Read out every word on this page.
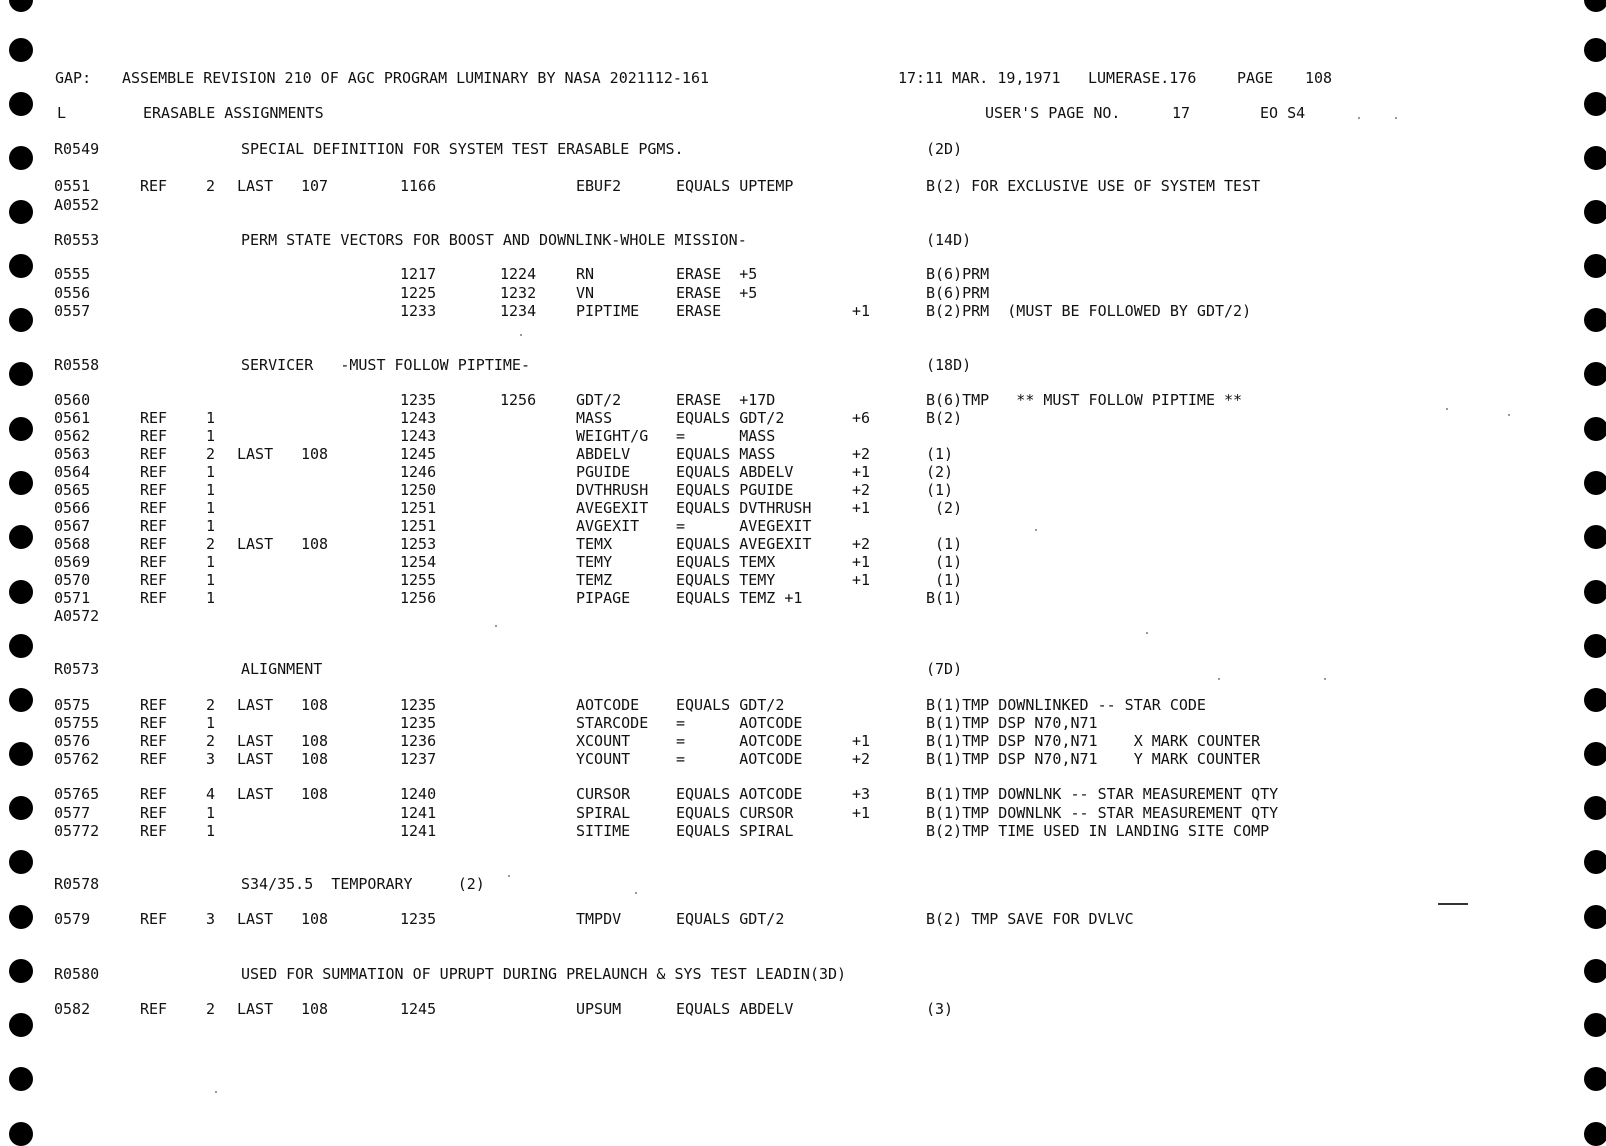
GAP:

ASSEMBLE REVISION 210 OF AGC PROGRAM LUMINARY BY NASA 2021112-161

	17:11 MAR. 19,1971

LUMERASE.176

	PAGE

108

L

	ERASABLE ASSIGNMENTS

	USER'S PAGE NO.

	17

	EO S4

R0549	SPECIAL DEFINITION FOR SYSTEM TEST ERASABLE PGMS.	(2D)
0551	REF	2 LAST 107	1166	EBUF2	EQUALS UPTEMP	B(2) FOR EXCLUSIVE USE OF SYSTEM TEST
A0552
R0553	PERM STATE VECTORS FOR BOOST AND DOWNLINK-WHOLE MISSION-	(14D)
0555	1217	1224	RN	ERASE  +5	B(6)PRM
0556	1225	1232	VN	ERASE  +5	B(6)PRM
0557	1233	1234	PIPTIME ERASE	+1	B(2)PRM  (MUST BE FOLLOWED BY GDT/2)
R0558	SERVICER   -MUST FOLLOW PIPTIME-	(18D)
0560	1235	1256	GDT/2	ERASE  +17D	B(6)TMP   ** MUST FOLLOW PIPTIME **
0561	REF	1	1243	MASS	EQUALS GDT/2	+6	B(2)
0562	REF	1	1243	WEIGHT/G =      MASS
0563	REF	2 LAST 108	1245	ABDELV	EQUALS MASS	+2	(1)
0564	REF	1	1246	PGUIDE	EQUALS ABDELV	+1	(2)
0565	REF	1	1250	DVTHRUSH EQUALS PGUIDE	+2	(1)
0566	REF	1	1251	AVEGEXIT EQUALS DVTHRUSH	+1	(2)
0567	REF	1	1251	AVGEXIT =      AVEGEXIT
0568	REF	2 LAST 108	1253	TEMX	EQUALS AVEGEXIT	+2	(1)
0569	REF	1	1254	TEMY	EQUALS TEMX	+1	(1)
0570	REF	1	1255	TEMZ	EQUALS TEMY	+1	(1)
0571	REF	1	1256	PIPAGE	EQUALS TEMZ +1	B(1)
A0572
R0573	ALIGNMENT	(7D)
0575	REF	2 LAST 108	1235	AOTCODE EQUALS GDT/2	B(1)TMP DOWNLINKED -- STAR CODE
05755	REF	1	1235	STARCODE =      AOTCODE	B(1)TMP DSP N70,N71
0576	REF	2 LAST 108	1236	XCOUNT	=      AOTCODE	+1	B(1)TMP DSP N70,N71    X MARK COUNTER
05762	REF	3 LAST 108	1237	YCOUNT	=      AOTCODE	+2	B(1)TMP DSP N70,N71    Y MARK COUNTER
05765	REF	4 LAST 108	1240	CURSOR	EQUALS AOTCODE	+3	B(1)TMP DOWNLNK -- STAR MEASUREMENT QTY
0577	REF	1	1241	SPIRAL	EQUALS CURSOR	+1	B(1)TMP DOWNLNK -- STAR MEASUREMENT QTY
05772	REF	1	1241	SITIME	EQUALS SPIRAL	B(2)TMP TIME USED IN LANDING SITE COMP
R0578	S34/35.5  TEMPORARY     (2)
0579	REF	3 LAST 108	1235	TMPDV	EQUALS GDT/2	B(2) TMP SAVE FOR DVLVC
R0580	USED FOR SUMMATION OF UPRUPT DURING PRELAUNCH & SYS TEST LEADIN(3D)
0582	REF	2 LAST 108	1245	UPSUM	EQUALS ABDELV	(3)
